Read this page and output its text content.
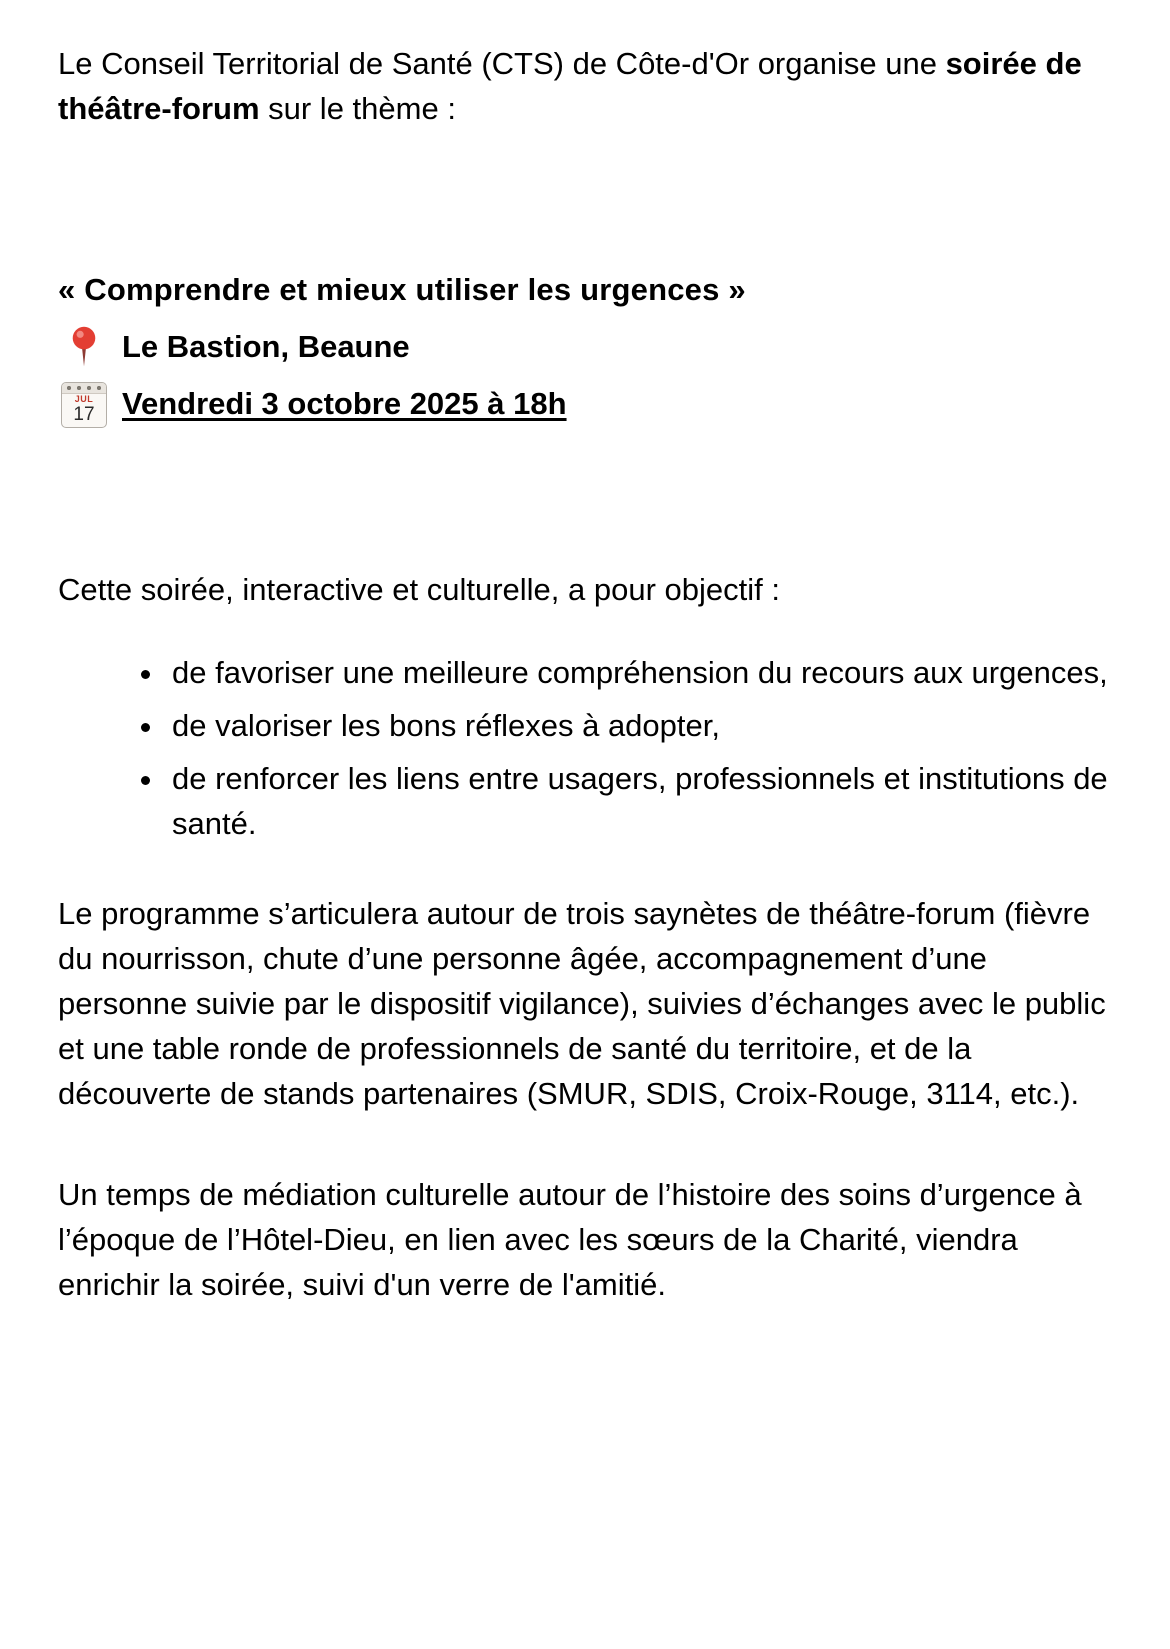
Le Conseil Territorial de Santé (CTS) de Côte-d'Or organise une soirée de théâtre-forum sur le thème :

« Comprendre et mieux utiliser les urgences »

Le Bastion, Beaune
JUL
17 Vendredi 3 octobre 2025 à 18h

Cette soirée, interactive et culturelle, a pour objectif :

• de favoriser une meilleure compréhension du recours aux urgences,
• de valoriser les bons réflexes à adopter,
• de renforcer les liens entre usagers, professionnels et institutions de santé.

Le programme s’articulera autour de trois saynètes de théâtre-forum (fièvre du nourrisson, chute d’une personne âgée, accompagnement d’une personne suivie par le dispositif vigilance), suivies d’échanges avec le public et une table ronde de professionnels de santé du territoire, et de la découverte de stands partenaires (SMUR, SDIS, Croix-Rouge, 3114, etc.).

Un temps de médiation culturelle autour de l’histoire des soins d’urgence à l’époque de l’Hôtel-Dieu, en lien avec les sœurs de la Charité, viendra enrichir la soirée, suivi d'un verre de l'amitié.
